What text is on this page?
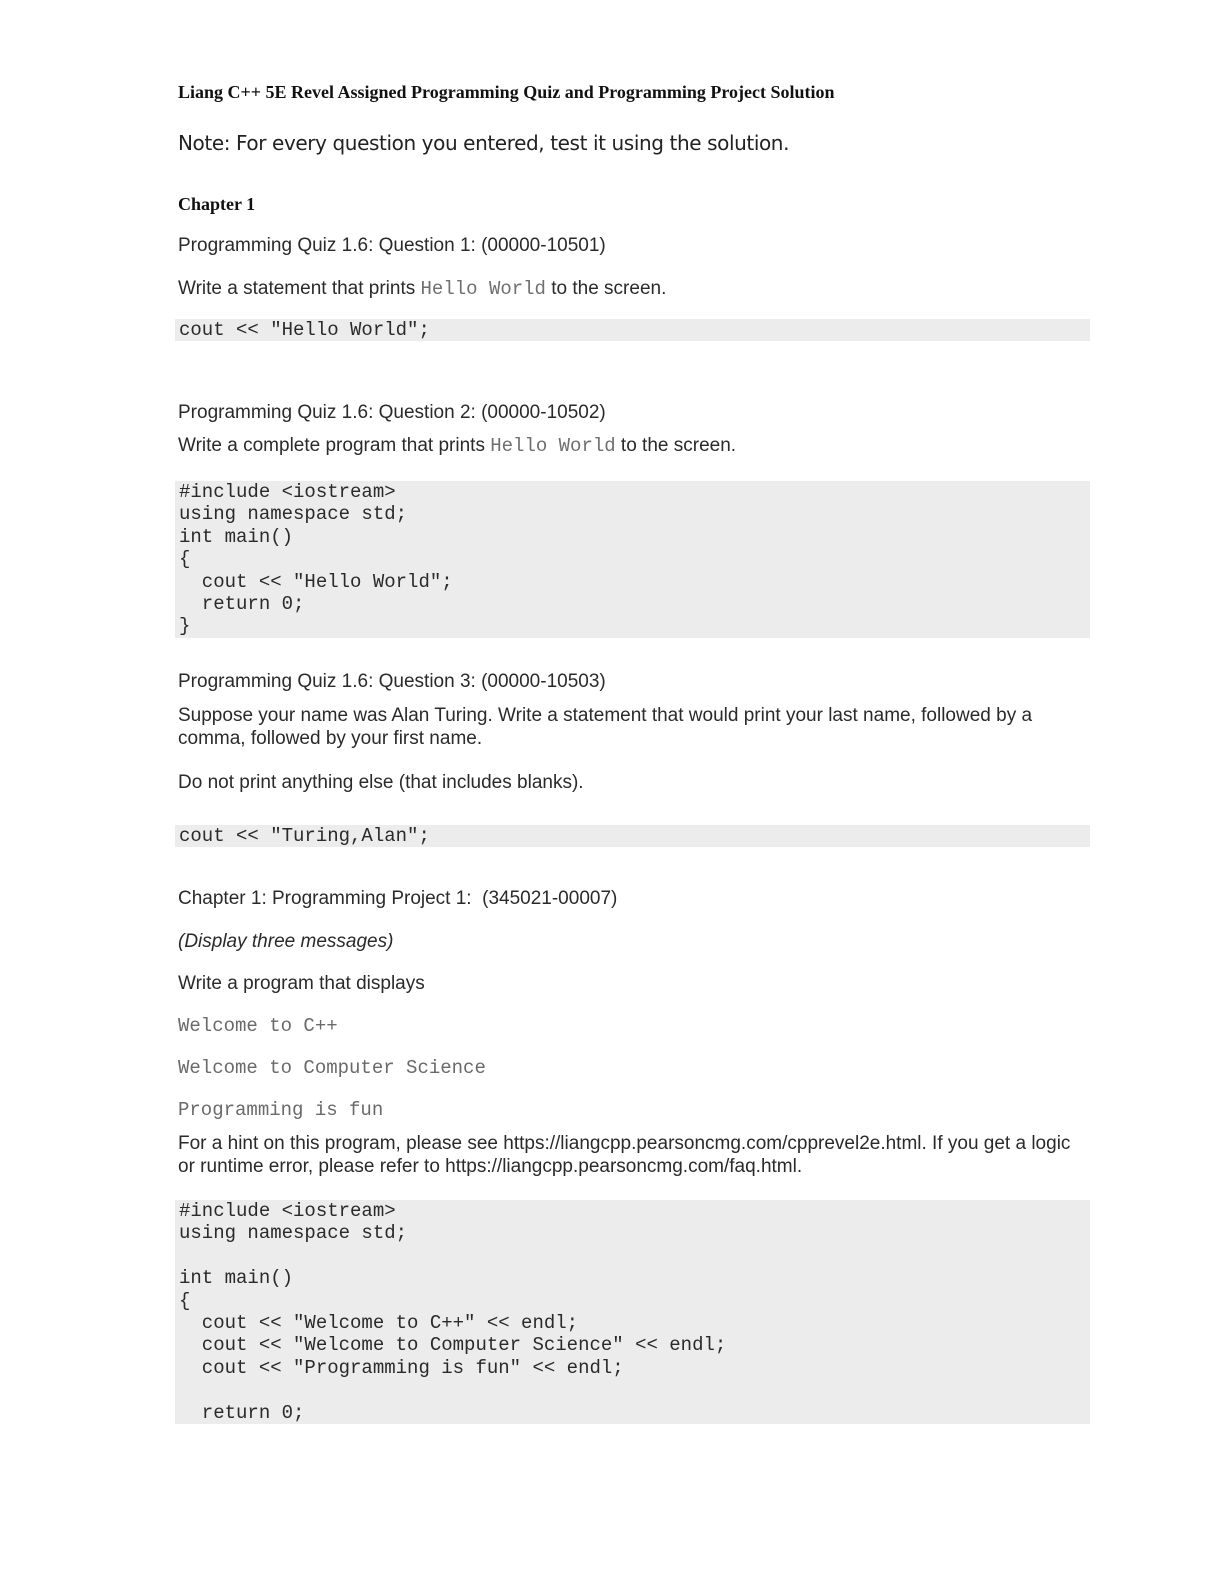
Liang C++ 5E Revel Assigned Programming Quiz and Programming Project Solution
Note: For every question you entered, test it using the solution.
Chapter 1
Programming Quiz 1.6: Question 1: (00000-10501)
Write a statement that prints Hello World to the screen.
cout << "Hello World";
Programming Quiz 1.6: Question 2: (00000-10502)
Write a complete program that prints Hello World to the screen.
#include <iostream>
using namespace std;
int main()
{
cout << "Hello World";
return 0;
}
Programming Quiz 1.6: Question 3: (00000-10503)
Suppose your name was Alan Turing. Write a statement that would print your last name, followed by a comma, followed by your first name.
Do not print anything else (that includes blanks).
cout << "Turing,Alan";
Chapter 1: Programming Project 1:  (345021-00007)
(Display three messages)
Write a program that displays
Welcome to C++
Welcome to Computer Science
Programming is fun
For a hint on this program, please see https://liangcpp.pearsoncmg.com/cpprevel2e.html. If you get a logic or runtime error, please refer to https://liangcpp.pearsoncmg.com/faq.html.
#include <iostream>
using namespace std;

int main()
{
cout << "Welcome to C++" << endl;
cout << "Welcome to Computer Science" << endl;
cout << "Programming is fun" << endl;

return 0;
